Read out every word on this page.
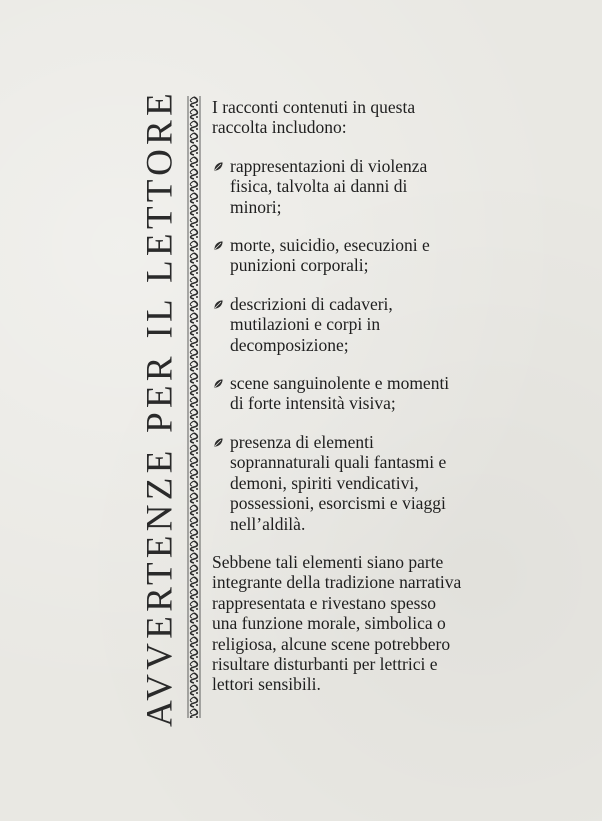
AVVERTENZE PER IL LETTORE I racconti contenuti in questa raccolta includono:

rappresentazioni di violenza fisica, talvolta ai danni di minori;
morte, suicidio, esecuzioni e punizioni corporali;
descrizioni di cadaveri, mutilazioni e corpi in decomposizione;
scene sanguinolente e momenti di forte intensità visiva;
presenza di elementi soprannaturali quali fantasmi e demoni, spiriti vendicativi, possessioni, esorcismi e viaggi nell’aldilà.

Sebbene tali elementi siano parte integrante della tradizione narrativa rappresentata e rivestano spesso una funzione morale, simbolica o religiosa, alcune scene potrebbero risultare disturbanti per lettrici e lettori sensibili.
